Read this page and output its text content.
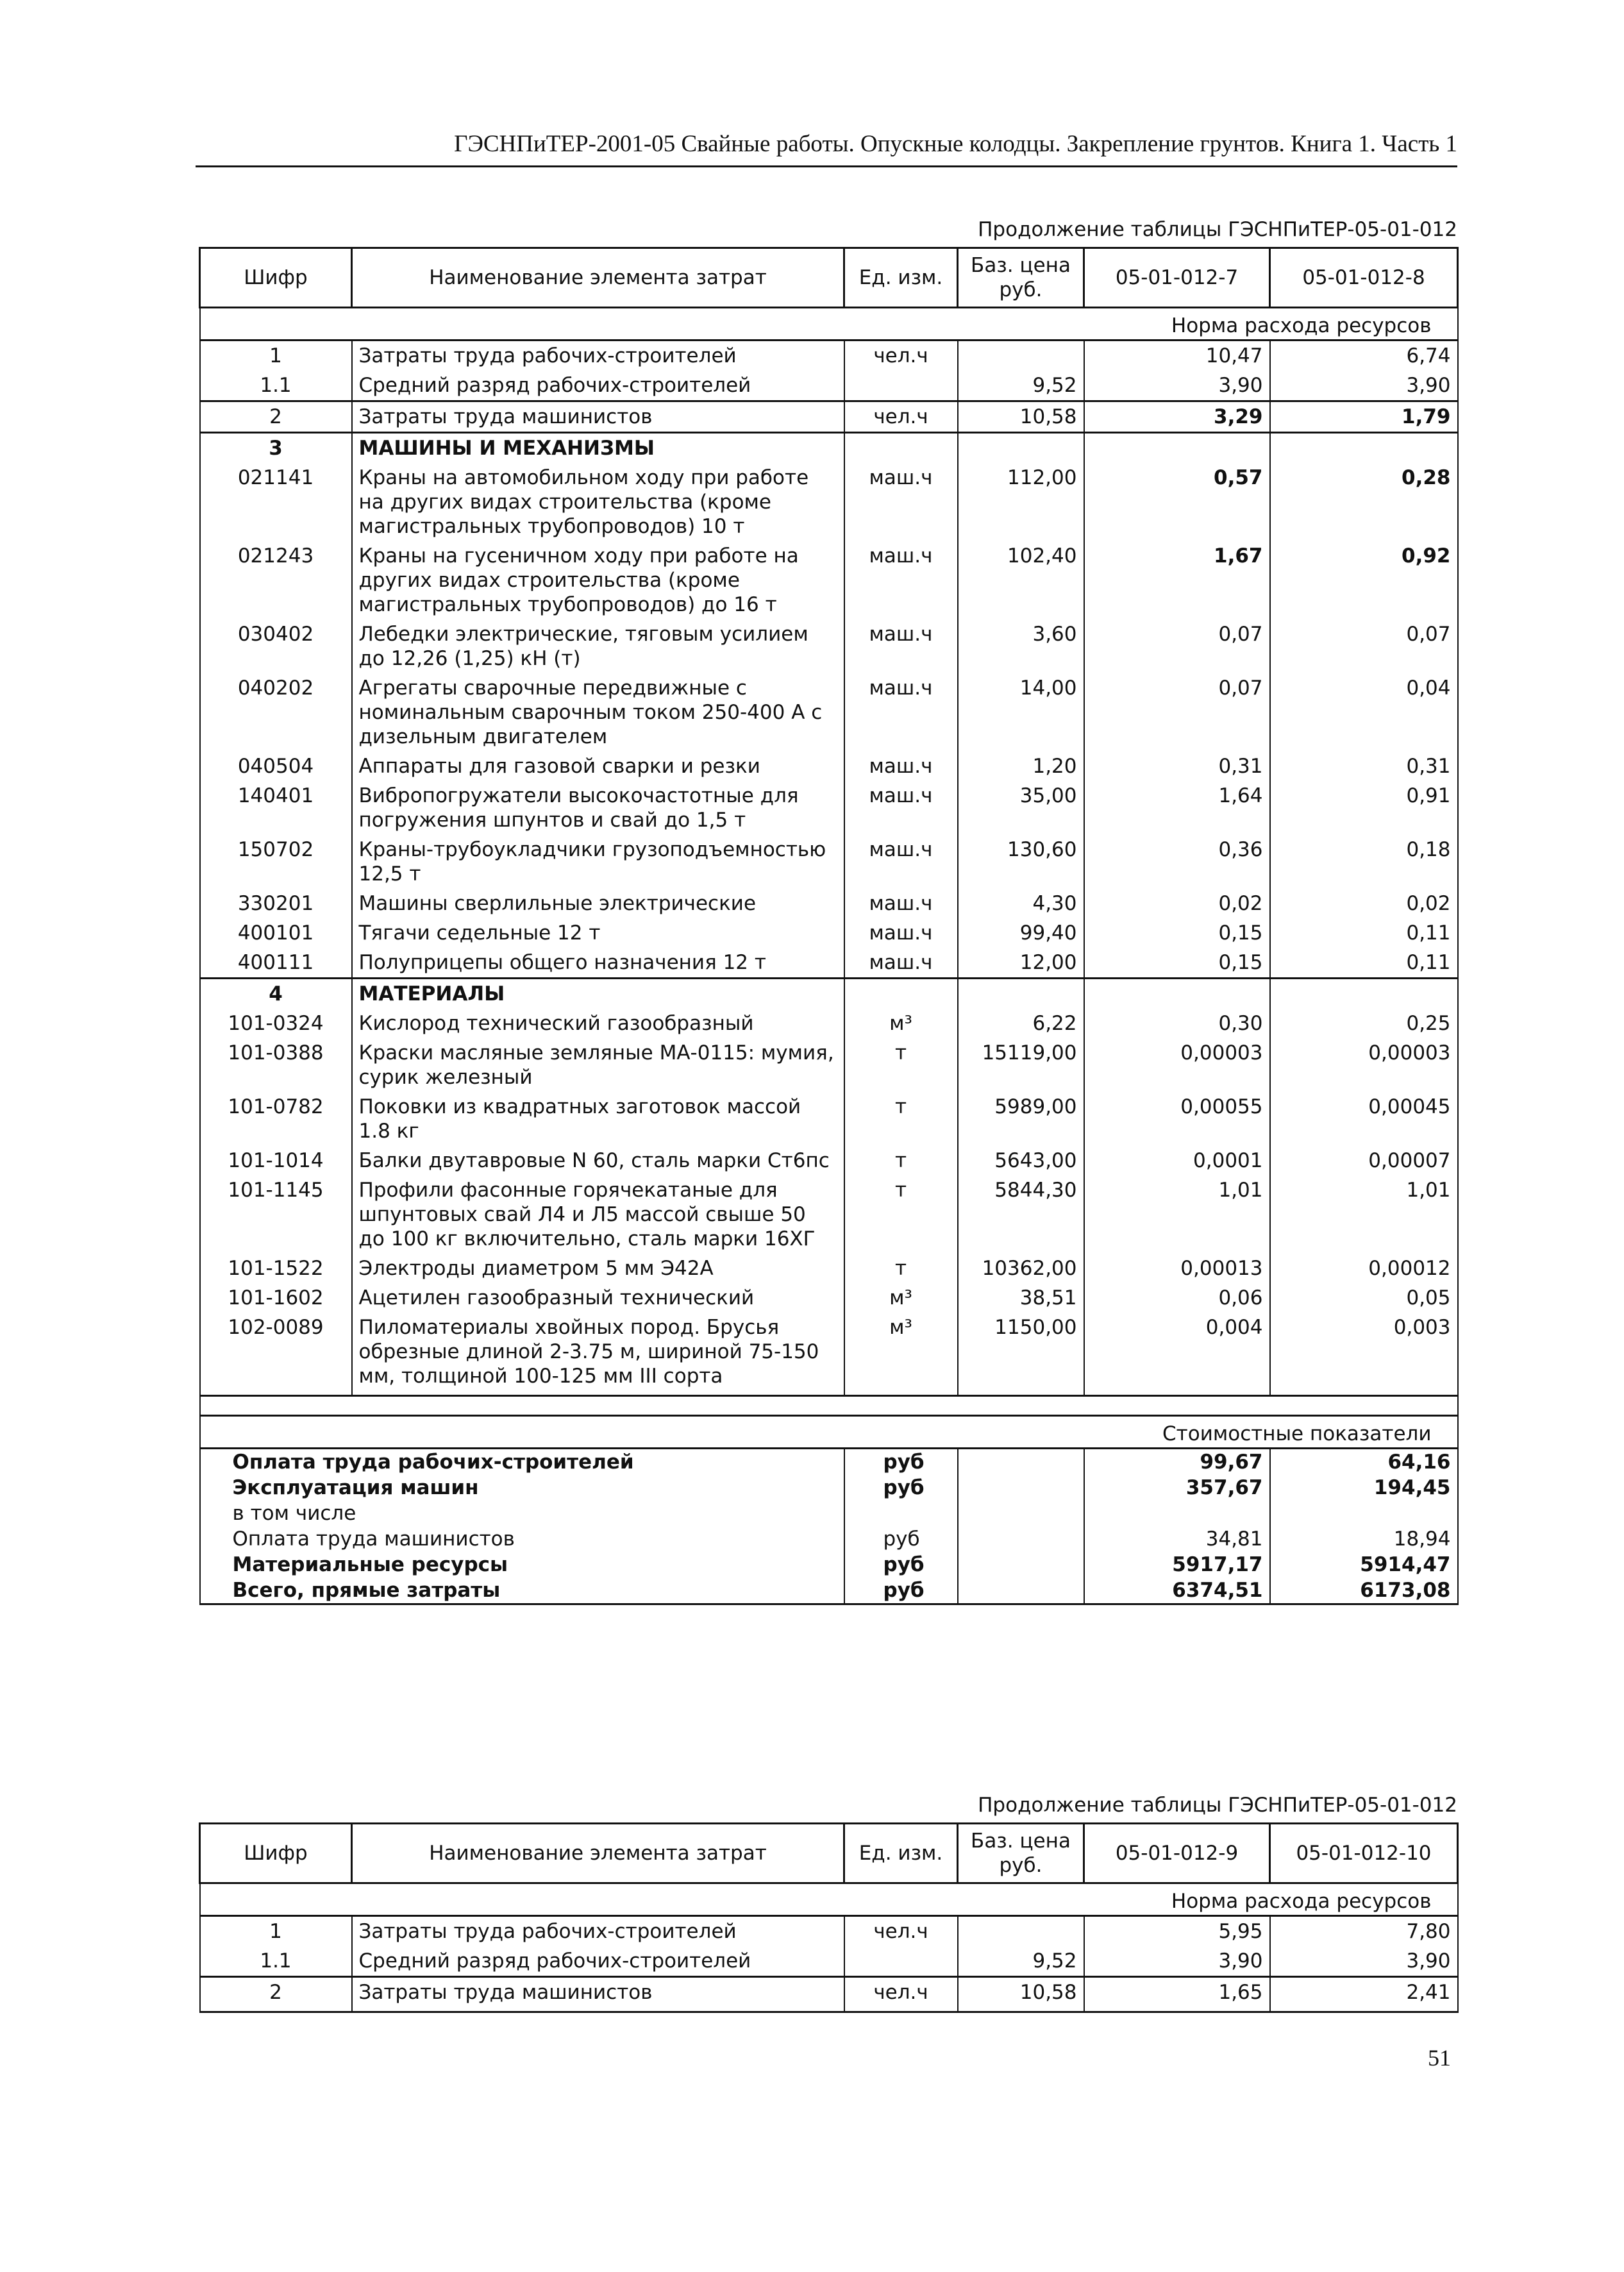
ГЭСНПиТЕР-2001-05 Свайные работы. Опускные колодцы. Закрепление грунтов. Книга 1. Часть 1
Продолжение таблицы ГЭСНПиТЕР-05-01-012
Шифр	Наименование элемента затрат	Ед. изм.	Баз. цена руб.	05-01-012-7	05-01-012-8
Норма расхода ресурсов					
1	Затраты труда рабочих-строителей	чел.ч		10,47	6,74
1.1	Средний разряд рабочих-строителей		9,52	3,90	3,90
2	Затраты труда машинистов	чел.ч	10,58	3,29	1,79
3	МАШИНЫ И МЕХАНИЗМЫ				
021141	Краны на автомобильном ходу при работе на других видах строительства (кроме магистральных трубопроводов) 10 т	маш.ч	112,00	0,57	0,28
021243	Краны на гусеничном ходу при работе на других видах строительства (кроме магистральных трубопроводов) до 16 т	маш.ч	102,40	1,67	0,92
030402	Лебедки электрические, тяговым усилием до 12,26 (1,25) кН (т)	маш.ч	3,60	0,07	0,07
040202	Агрегаты сварочные передвижные с номинальным сварочным током 250-400 А с дизельным двигателем	маш.ч	14,00	0,07	0,04
040504	Аппараты для газовой сварки и резки	маш.ч	1,20	0,31	0,31
140401	Вибропогружатели высокочастотные для погружения шпунтов и свай до 1,5 т	маш.ч	35,00	1,64	0,91
150702	Краны-трубоукладчики грузоподъемностью 12,5 т	маш.ч	130,60	0,36	0,18
330201	Машины сверлильные электрические	маш.ч	4,30	0,02	0,02
400101	Тягачи седельные 12 т	маш.ч	99,40	0,15	0,11
400111	Полуприцепы общего назначения 12 т	маш.ч	12,00	0,15	0,11
4	МАТЕРИАЛЫ				
101-0324	Кислород технический газообразный	м³	6,22	0,30	0,25
101-0388	Краски масляные земляные МА-0115: мумия, сурик железный	т	15119,00	0,00003	0,00003
101-0782	Поковки из квадратных заготовок массой 1.8 кг	т	5989,00	0,00055	0,00045
101-1014	Балки двутавровые N 60, сталь марки Ст6пс	т	5643,00	0,0001	0,00007
101-1145	Профили фасонные горячекатаные для шпунтовых свай Л4 и Л5 массой свыше 50 до 100 кг включительно, сталь марки 16ХГ	т	5844,30	1,01	1,01
101-1522	Электроды диаметром 5 мм Э42А	т	10362,00	0,00013	0,00012
101-1602	Ацетилен газообразный технический	м³	38,51	0,06	0,05
102-0089	Пиломатериалы хвойных пород. Брусья обрезные длиной 2-3.75 м, шириной 75-150 мм, толщиной 100-125 мм III сорта	м³	1150,00	0,004	0,003

Стоимостные показатели					
Оплата труда рабочих-строителей		руб		99,67	64,16
Эксплуатация машин		руб		357,67	194,45
в том числе					
Оплата труда машинистов		руб		34,81	18,94
Материальные ресурсы		руб		5917,17	5914,47
Всего, прямые затраты		руб		6374,51	6173,08
Продолжение таблицы ГЭСНПиТЕР-05-01-012
Шифр	Наименование элемента затрат	Ед. изм.	Баз. цена руб.	05-01-012-9	05-01-012-10
Норма расхода ресурсов					
1	Затраты труда рабочих-строителей	чел.ч		5,95	7,80
1.1	Средний разряд рабочих-строителей		9,52	3,90	3,90
2	Затраты труда машинистов	чел.ч	10,58	1,65	2,41
51
